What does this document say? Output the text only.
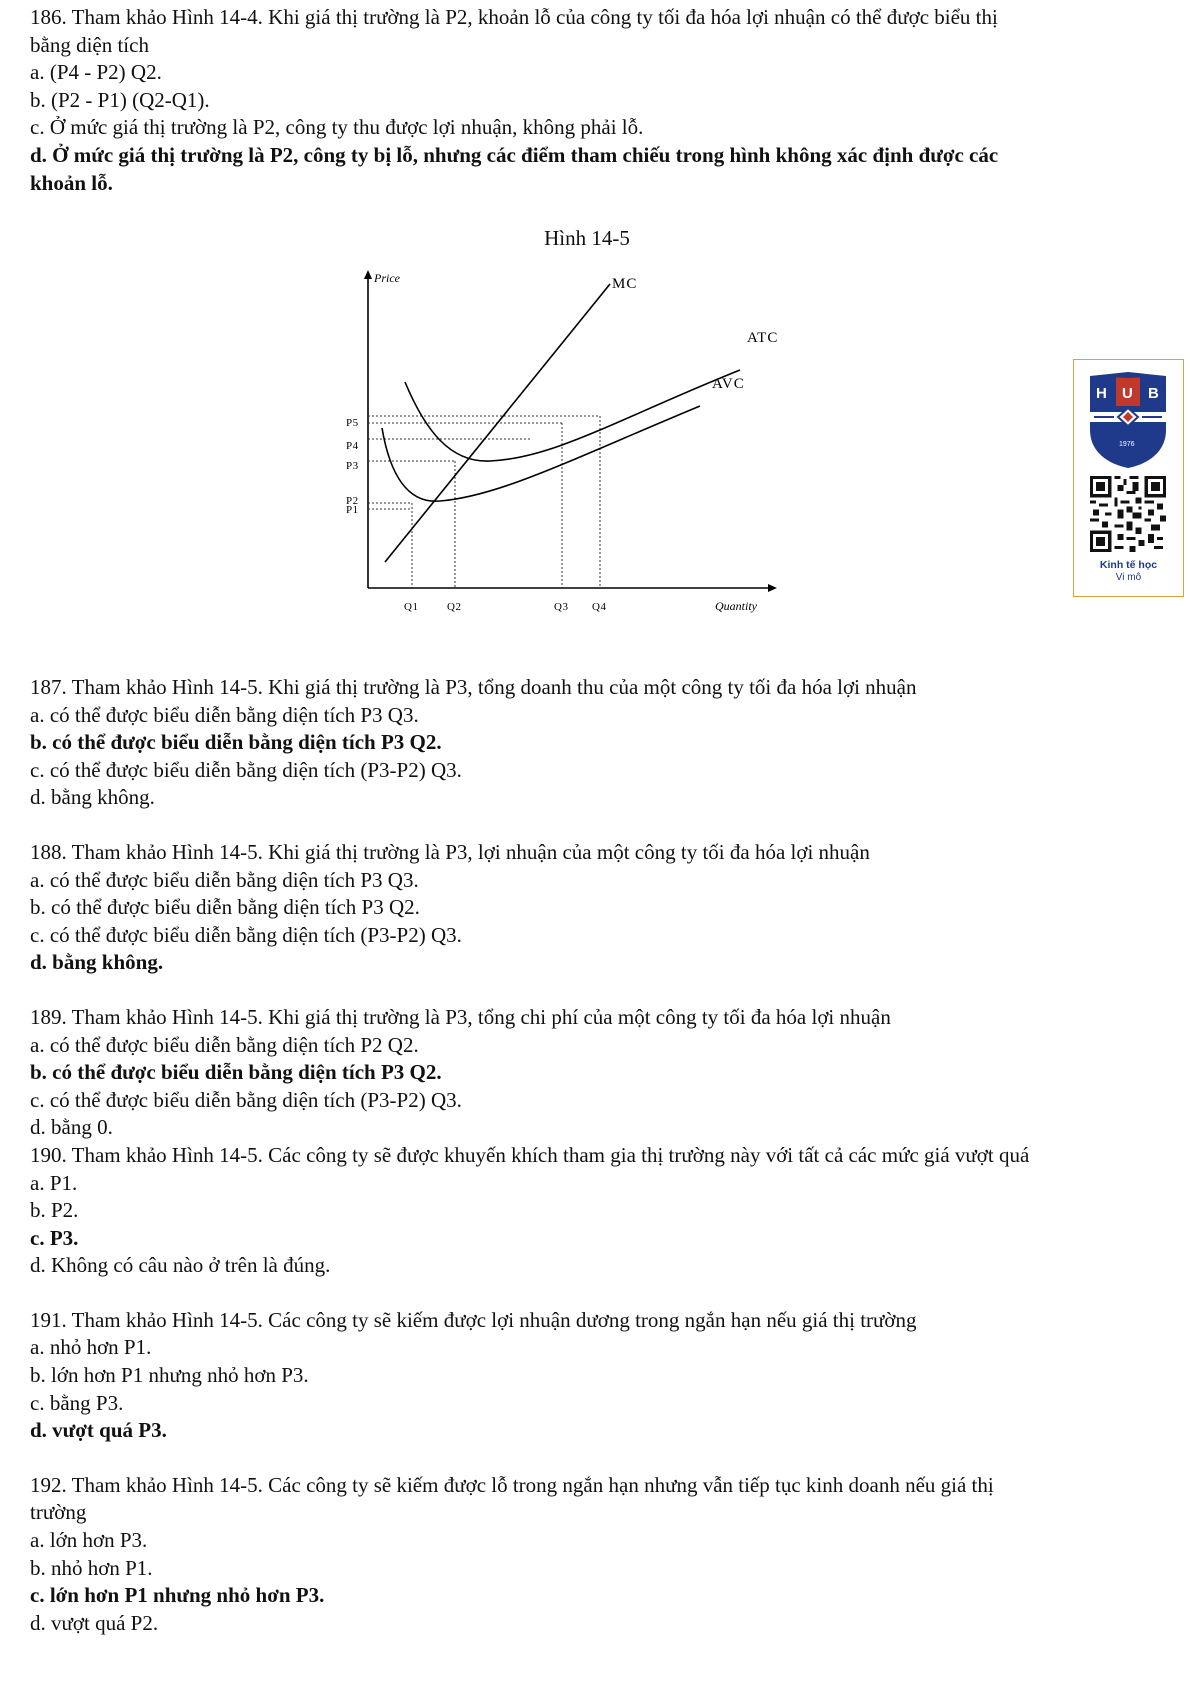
186. Tham khảo Hình 14-4. Khi giá thị trường là P2, khoản lỗ của công ty tối đa hóa lợi nhuận có thể được biểu thị

bằng diện tích

a. (P4 - P2) Q2.

b. (P2 - P1) (Q2-Q1).

c. Ở mức giá thị trường là P2, công ty thu được lợi nhuận, không phải lỗ.

d. Ở mức giá thị trường là P2, công ty bị lỗ, nhưng các điểm tham chiếu trong hình không xác định được các

khoản lỗ.

Hình 14-5
Price
Quantity
MC
ATC
AVC
P5
P4
P3
P2
P1
Q1	Q2	Q3 Q4
H U B
1976
Kinh tế học
Vi mô

187. Tham khảo Hình 14-5. Khi giá thị trường là P3, tổng doanh thu của một công ty tối đa hóa lợi nhuận

a. có thể được biểu diễn bằng diện tích P3 Q3.

b. có thể được biểu diễn bằng diện tích P3 Q2.

c. có thể được biểu diễn bằng diện tích (P3-P2) Q3.

d. bằng không.

188. Tham khảo Hình 14-5. Khi giá thị trường là P3, lợi nhuận của một công ty tối đa hóa lợi nhuận

a. có thể được biểu diễn bằng diện tích P3 Q3.

b. có thể được biểu diễn bằng diện tích P3 Q2.

c. có thể được biểu diễn bằng diện tích (P3-P2) Q3.

d. bằng không.

189. Tham khảo Hình 14-5. Khi giá thị trường là P3, tổng chi phí của một công ty tối đa hóa lợi nhuận

a. có thể được biểu diễn bằng diện tích P2 Q2.

b. có thể được biểu diễn bằng diện tích P3 Q2.

c. có thể được biểu diễn bằng diện tích (P3-P2) Q3.

d. bằng 0.

190. Tham khảo Hình 14-5. Các công ty sẽ được khuyến khích tham gia thị trường này với tất cả các mức giá vượt quá

a. P1.

b. P2.

c. P3.

d. Không có câu nào ở trên là đúng.

191. Tham khảo Hình 14-5. Các công ty sẽ kiếm được lợi nhuận dương trong ngắn hạn nếu giá thị trường

a. nhỏ hơn P1.

b. lớn hơn P1 nhưng nhỏ hơn P3.

c. bằng P3.

d. vượt quá P3.

192. Tham khảo Hình 14-5. Các công ty sẽ kiếm được lỗ trong ngắn hạn nhưng vẫn tiếp tục kinh doanh nếu giá thị

trường

a. lớn hơn P3.

b. nhỏ hơn P1.

c. lớn hơn P1 nhưng nhỏ hơn P3.

d. vượt quá P2.
